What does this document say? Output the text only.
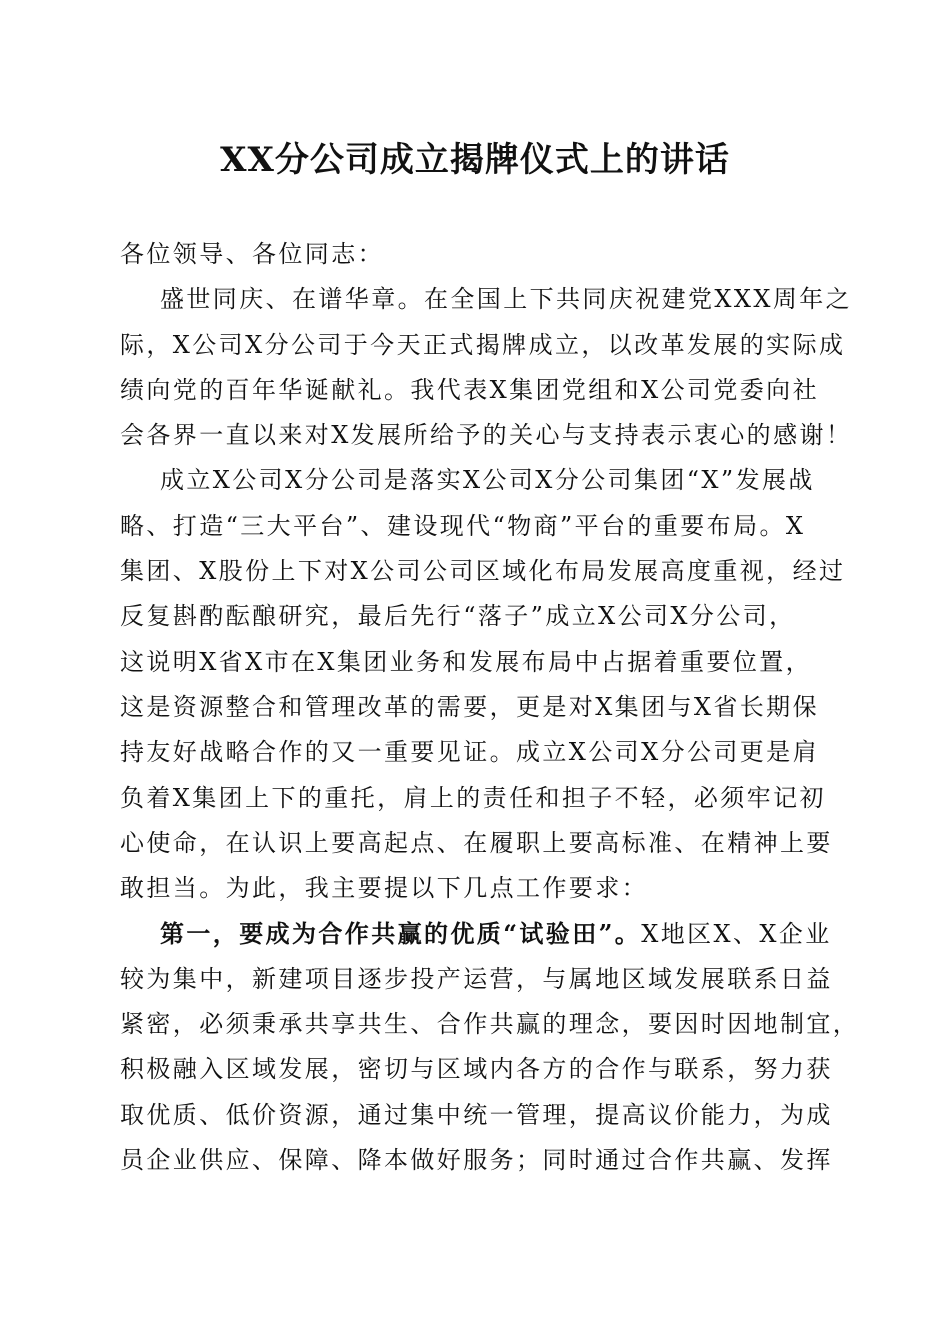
XX分公司成立揭牌仪式上的讲话
各位领导、各位同志：
盛世同庆、在谱华章。在全国上下共同庆祝建党XXX周年之
际，X公司X分公司于今天正式揭牌成立，以改革发展的实际成
绩向党的百年华诞献礼。我代表X集团党组和X公司党委向社
会各界一直以来对X发展所给予的关心与支持表示衷心的感谢！
成立X公司X分公司是落实X公司X分公司集团“X”发展战
略、打造“三大平台”、建设现代“物商”平台的重要布局。X
集团、X股份上下对X公司公司区域化布局发展高度重视，经过
反复斟酌酝酿研究，最后先行“落子”成立X公司X分公司，
这说明X省X市在X集团业务和发展布局中占据着重要位置，
这是资源整合和管理改革的需要，更是对X集团与X省长期保
持友好战略合作的又一重要见证。成立X公司X分公司更是肩
负着X集团上下的重托，肩上的责任和担子不轻，必须牢记初
心使命，在认识上要高起点、在履职上要高标准、在精神上要
敢担当。为此，我主要提以下几点工作要求：
第一，要成为合作共赢的优质“试验田”。X地区X、X企业
较为集中，新建项目逐步投产运营，与属地区域发展联系日益
紧密，必须秉承共享共生、合作共赢的理念，要因时因地制宜，
积极融入区域发展，密切与区域内各方的合作与联系，努力获
取优质、低价资源，通过集中统一管理，提高议价能力，为成
员企业供应、保障、降本做好服务；同时通过合作共赢、发挥
